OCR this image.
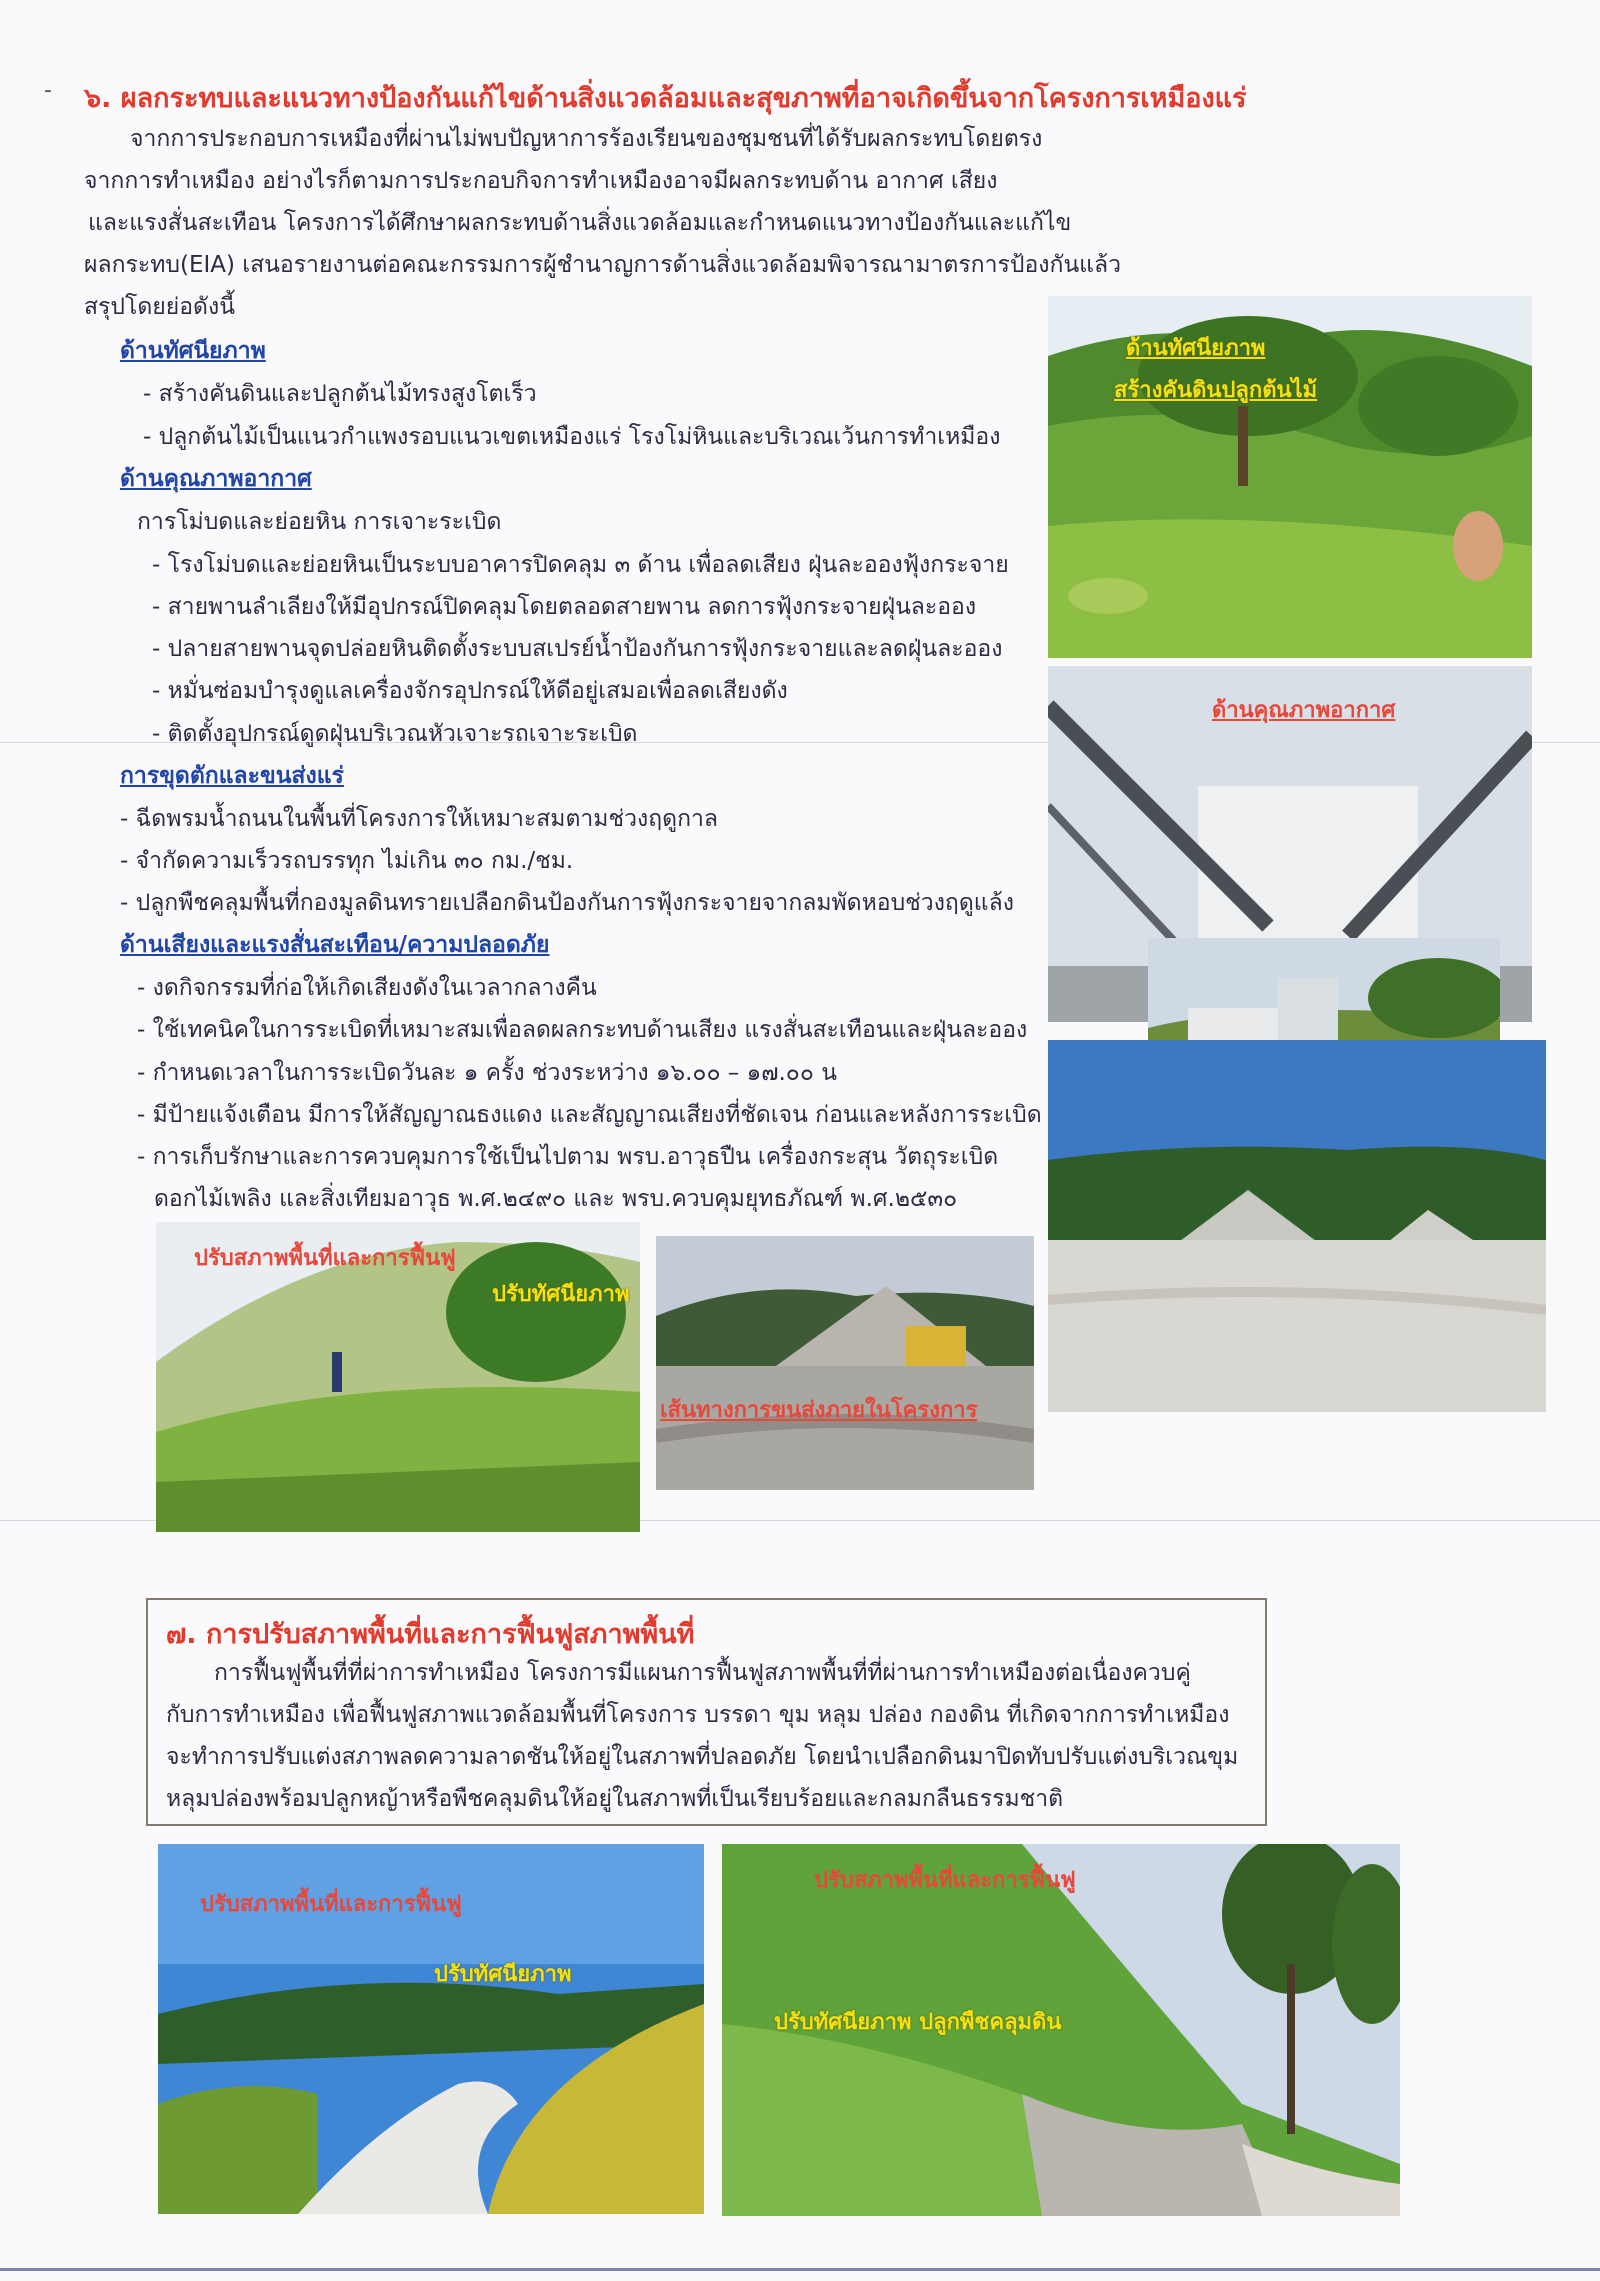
- ๖. ผลกระทบและแนวทางป้องกันแก้ไขด้านสิ่งแวดล้อมและสุขภาพที่อาจเกิดขึ้นจากโครงการเหมืองแร่
จากการประกอบการเหมืองที่ผ่านไม่พบปัญหาการร้องเรียนของชุมชนที่ได้รับผลกระทบโดยตรง
จากการทำเหมือง อย่างไรก็ตามการประกอบกิจการทำเหมืองอาจมีผลกระทบด้าน อากาศ เสียง
และแรงสั่นสะเทือน โครงการได้ศึกษาผลกระทบด้านสิ่งแวดล้อมและกำหนดแนวทางป้องกันและแก้ไข
ผลกระทบ(EIA) เสนอรายงานต่อคณะกรรมการผู้ชำนาญการด้านสิ่งแวดล้อมพิจารณามาตรการป้องกันแล้ว
สรุปโดยย่อดังนี้
ด้านทัศนียภาพ
- สร้างคันดินและปลูกต้นไม้ทรงสูงโตเร็ว
- ปลูกต้นไม้เป็นแนวกำแพงรอบแนวเขตเหมืองแร่ โรงโม่หินและบริเวณเว้นการทำเหมือง
ด้านคุณภาพอากาศ
การโม่บดและย่อยหิน การเจาะระเบิด
- โรงโม่บดและย่อยหินเป็นระบบอาคารปิดคลุม ๓ ด้าน เพื่อลดเสียง ฝุ่นละอองฟุ้งกระจาย
- สายพานลำเลียงให้มีอุปกรณ์ปิดคลุมโดยตลอดสายพาน ลดการฟุ้งกระจายฝุ่นละออง
- ปลายสายพานจุดปล่อยหินติดตั้งระบบสเปรย์น้ำป้องกันการฟุ้งกระจายและลดฝุ่นละออง
- หมั่นซ่อมบำรุงดูแลเครื่องจักรอุปกรณ์ให้ดีอยู่เสมอเพื่อลดเสียงดัง
- ติดตั้งอุปกรณ์ดูดฝุ่นบริเวณหัวเจาะรถเจาะระเบิด
การขุดตักและขนส่งแร่
- ฉีดพรมน้ำถนนในพื้นที่โครงการให้เหมาะสมตามช่วงฤดูกาล
- จำกัดความเร็วรถบรรทุก ไม่เกิน ๓๐ กม./ชม.
- ปลูกพืชคลุมพื้นที่กองมูลดินทรายเปลือกดินป้องกันการฟุ้งกระจายจากลมพัดหอบช่วงฤดูแล้ง
ด้านเสียงและแรงสั่นสะเทือน/ความปลอดภัย
- งดกิจกรรมที่ก่อให้เกิดเสียงดังในเวลากลางคืน
- ใช้เทคนิคในการระเบิดที่เหมาะสมเพื่อลดผลกระทบด้านเสียง แรงสั่นสะเทือนและฝุ่นละออง
- กำหนดเวลาในการระเบิดวันละ ๑ ครั้ง ช่วงระหว่าง ๑๖.๐๐ – ๑๗.๐๐ น
- มีป้ายแจ้งเตือน มีการให้สัญญาณธงแดง และสัญญาณเสียงที่ชัดเจน ก่อนและหลังการระเบิด
- การเก็บรักษาและการควบคุมการใช้เป็นไปตาม พรบ.อาวุธปืน เครื่องกระสุน วัตถุระเบิด
ดอกไม้เพลิง และสิ่งเทียมอาวุธ พ.ศ.๒๔๙๐ และ พรบ.ควบคุมยุทธภัณฑ์ พ.ศ.๒๕๓๐
ด้านทัศนียภาพ
สร้างคันดินปลูกต้นไม้
ด้านคุณภาพอากาศ
ปรับสภาพพื้นที่และการฟื้นฟู
ปรับทัศนียภาพ
เส้นทางการขนส่งภายในโครงการ
๗. การปรับสภาพพื้นที่และการฟื้นฟูสภาพพื้นที่
การฟื้นฟูพื้นที่ที่ผ่าการทำเหมือง โครงการมีแผนการฟื้นฟูสภาพพื้นที่ที่ผ่านการทำเหมืองต่อเนื่องควบคู่
กับการทำเหมือง เพื่อฟื้นฟูสภาพแวดล้อมพื้นที่โครงการ บรรดา ขุม หลุม ปล่อง กองดิน ที่เกิดจากการทำเหมือง
จะทำการปรับแต่งสภาพลดความลาดชันให้อยู่ในสภาพที่ปลอดภัย โดยนำเปลือกดินมาปิดทับปรับแต่งบริเวณขุม
หลุมปล่องพร้อมปลูกหญ้าหรือพืชคลุมดินให้อยู่ในสภาพที่เป็นเรียบร้อยและกลมกลืนธรรมชาติ
ปรับสภาพพื้นที่และการฟื้นฟู
ปรับทัศนียภาพ
ปรับสภาพพื้นที่และการฟื้นฟู
ปรับทัศนียภาพ ปลูกพืชคลุมดิน
